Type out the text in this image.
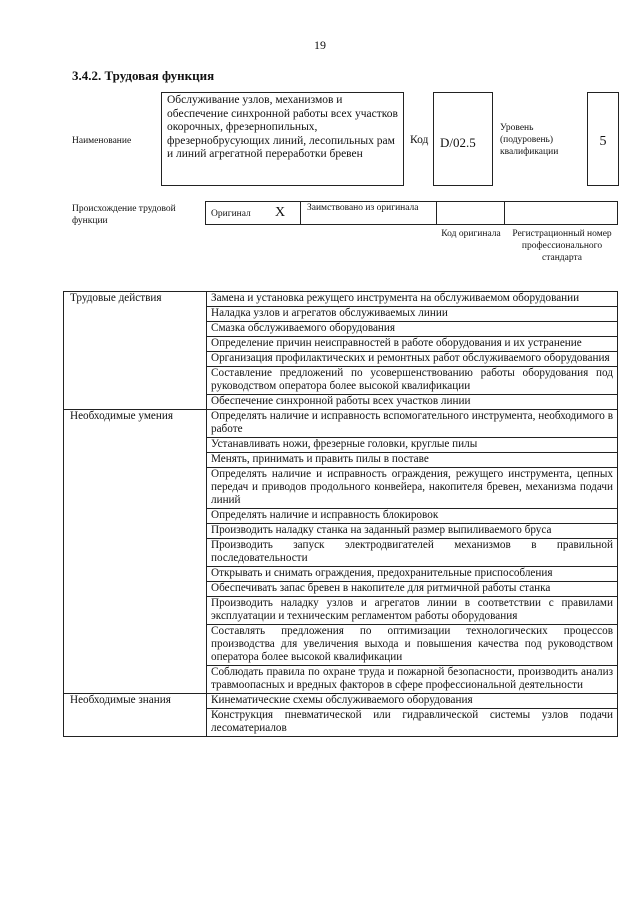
19
3.4.2. Трудовая функция
Наименование
Обслуживание узлов, механизмов и обеспечение синхронной работы всех участков окорочных, фрезернопильных, фрезернобрусующих линий, лесопильных рам и линий агрегатной переработки бревен
Код D/02.5
Уровень (подуровень) квалификации
5
Происхождение трудовой функции
Оригинал X Заимствовано из оригинала
Код оригинала	Регистрационный номер профессионального стандарта
Трудовые действия	Замена и установка режущего инструмента на обслуживаемом оборудовании
	Наладка узлов и агрегатов обслуживаемых линии
	Смазка обслуживаемого оборудования
	Определение причин неисправностей в работе оборудования и их устранение
	Организация профилактических и ремонтных работ обслуживаемого оборудования
	Составление предложений по усовершенствованию работы оборудования под руководством оператора более высокой квалификации
	Обеспечение синхронной работы всех участков линии
Необходимые умения	Определять наличие и исправность вспомогательного инструмента, необходимого в работе
	Устанавливать ножи, фрезерные головки, круглые пилы
	Менять, принимать и править пилы в поставе
	Определять наличие и исправность ограждения, режущего инструмента, цепных передач и приводов продольного конвейера, накопителя бревен, механизма подачи линий
	Определять наличие и исправность блокировок
	Производить наладку станка на заданный размер выпиливаемого бруса
	Производить запуск электродвигателей механизмов в правильной последовательности
	Открывать и снимать ограждения, предохранительные приспособления
	Обеспечивать запас бревен в накопителе для ритмичной работы станка
	Производить наладку узлов и агрегатов линии в соответствии с правилами эксплуатации и техническим регламентом работы оборудования
	Составлять предложения по оптимизации технологических процессов производства для увеличения выхода и повышения качества под руководством оператора более высокой квалификации
	Соблюдать правила по охране труда и пожарной безопасности, производить анализ травмоопасных и вредных факторов в сфере профессиональной деятельности
Необходимые знания	Кинематические схемы обслуживаемого оборудования
	Конструкция пневматической или гидравлической системы узлов подачи лесоматериалов
